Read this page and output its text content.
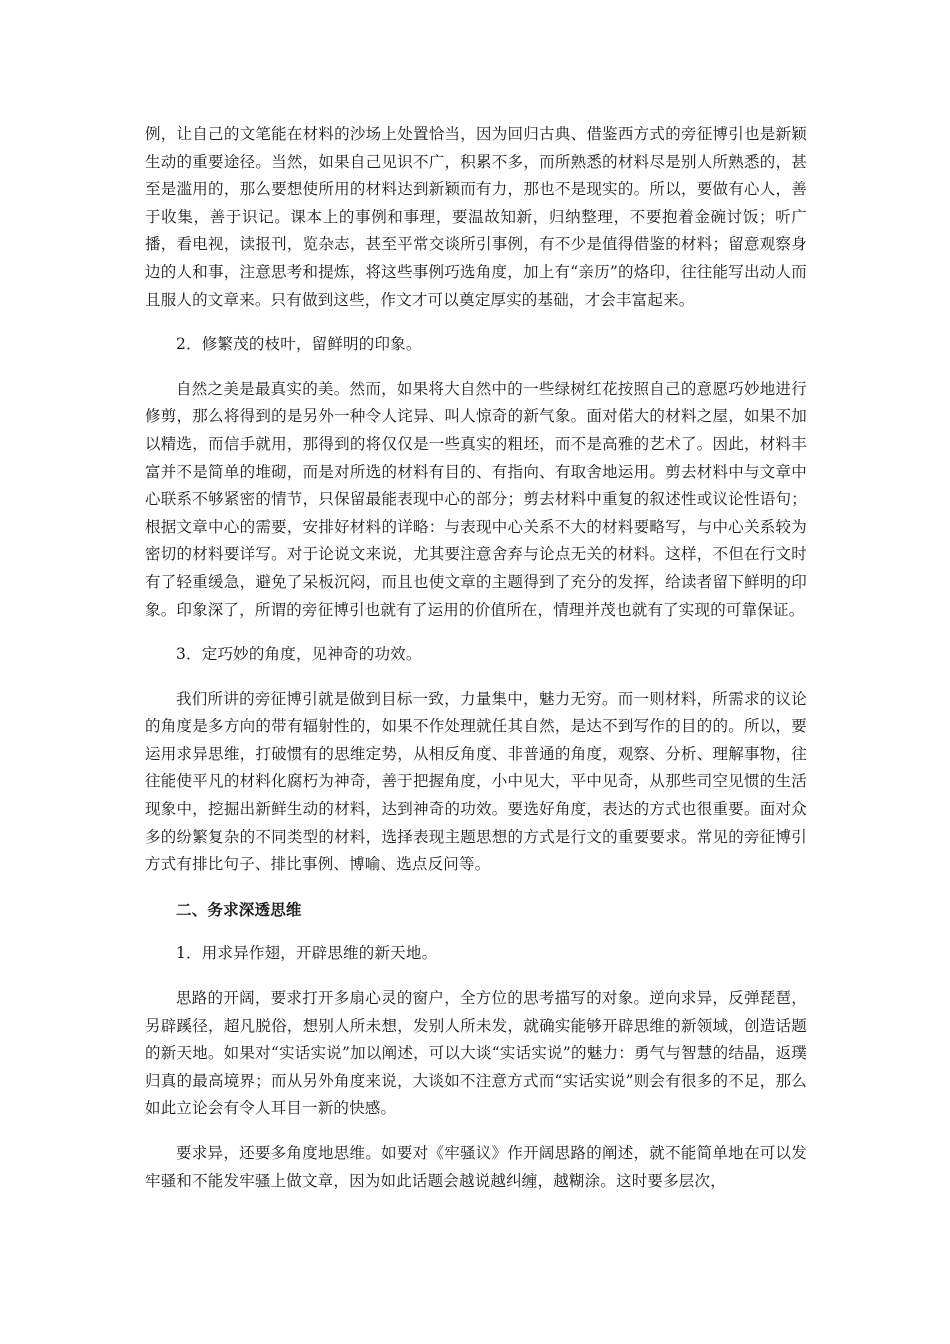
例，让自己的文笔能在材料的沙场上处置恰当，因为回归古典、借鉴西方式的旁征博引也是新颖生动的重要途径。当然，如果自己见识不广，积累不多，而所熟悉的材料尽是别人所熟悉的，甚至是滥用的，那么要想使所用的材料达到新颖而有力，那也不是现实的。所以，要做有心人，善于收集，善于识记。课本上的事例和事理，要温故知新，归纳整理，不要抱着金碗讨饭；听广播，看电视，读报刊，览杂志，甚至平常交谈所引事例，有不少是值得借鉴的材料；留意观察身边的人和事，注意思考和提炼，将这些事例巧选角度，加上有“亲历”的烙印，往往能写出动人而且服人的文章来。只有做到这些，作文才可以奠定厚实的基础，才会丰富起来。

2．修繁茂的枝叶，留鲜明的印象。

自然之美是最真实的美。然而，如果将大自然中的一些绿树红花按照自己的意愿巧妙地进行修剪，那么将得到的是另外一种令人诧异、叫人惊奇的新气象。面对偌大的材料之屋，如果不加以精选，而信手就用，那得到的将仅仅是一些真实的粗坯，而不是高雅的艺术了。因此，材料丰富并不是简单的堆砌，而是对所选的材料有目的、有指向、有取舍地运用。剪去材料中与文章中心联系不够紧密的情节，只保留最能表现中心的部分；剪去材料中重复的叙述性或议论性语句；根据文章中心的需要，安排好材料的详略：与表现中心关系不大的材料要略写，与中心关系较为密切的材料要详写。对于论说文来说，尤其要注意舍弃与论点无关的材料。这样，不但在行文时有了轻重缓急，避免了呆板沉闷，而且也使文章的主题得到了充分的发挥，给读者留下鲜明的印象。印象深了，所谓的旁征博引也就有了运用的价值所在，情理并茂也就有了实现的可靠保证。

3．定巧妙的角度，见神奇的功效。

我们所讲的旁征博引就是做到目标一致，力量集中，魅力无穷。而一则材料，所需求的议论的角度是多方向的带有辐射性的，如果不作处理就任其自然，是达不到写作的目的的。所以，要运用求异思维，打破惯有的思维定势，从相反角度、非普通的角度，观察、分析、理解事物，往往能使平凡的材料化腐朽为神奇，善于把握角度，小中见大，平中见奇，从那些司空见惯的生活现象中，挖掘出新鲜生动的材料，达到神奇的功效。要选好角度，表达的方式也很重要。面对众多的纷繁复杂的不同类型的材料，选择表现主题思想的方式是行文的重要要求。常见的旁征博引方式有排比句子、排比事例、博喻、选点反问等。

二、务求深透思维

1．用求异作翅，开辟思维的新天地。

思路的开阔，要求打开多扇心灵的窗户，全方位的思考描写的对象。逆向求异，反弹琵琶，另辟蹊径，超凡脱俗，想别人所未想，发别人所未发，就确实能够开辟思维的新领域，创造话题的新天地。如果对“实话实说”加以阐述，可以大谈“实话实说”的魅力：勇气与智慧的结晶，返璞归真的最高境界；而从另外角度来说，大谈如不注意方式而“实话实说”则会有很多的不足，那么如此立论会有令人耳目一新的快感。

要求异，还要多角度地思维。如要对《牢骚议》作开阔思路的阐述，就不能简单地在可以发牢骚和不能发牢骚上做文章，因为如此话题会越说越纠缠，越糊涂。这时要多层次，
